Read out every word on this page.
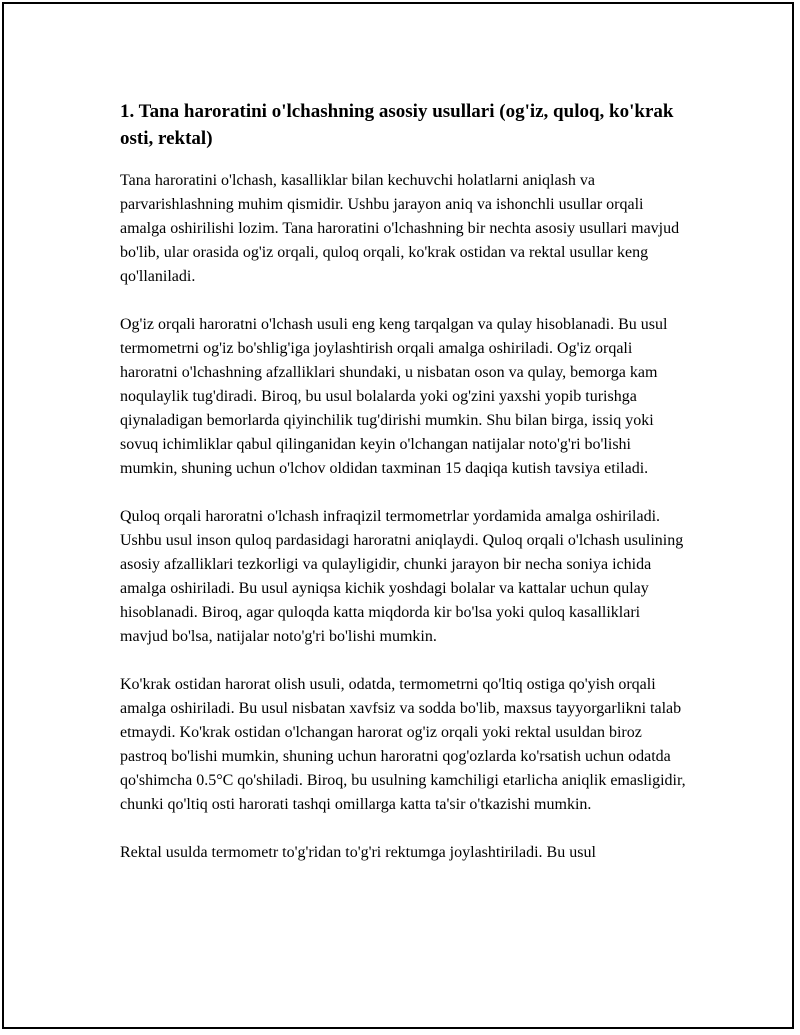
1. Tana haroratini o'lchashning asosiy usullari (og'iz, quloq, ko'krak osti, rektal)

Tana haroratini o'lchash, kasalliklar bilan kechuvchi holatlarni aniqlash va parvarishlashning muhim qismidir. Ushbu jarayon aniq va ishonchli usullar orqali amalga oshirilishi lozim. Tana haroratini o'lchashning bir nechta asosiy usullari mavjud bo'lib, ular orasida og'iz orqali, quloq orqali, ko'krak ostidan va rektal usullar keng qo'llaniladi.

Og'iz orqali haroratni o'lchash usuli eng keng tarqalgan va qulay hisoblanadi. Bu usul termometrni og'iz bo'shlig'iga joylashtirish orqali amalga oshiriladi. Og'iz orqali haroratni o'lchashning afzalliklari shundaki, u nisbatan oson va qulay, bemorga kam noqulaylik tug'diradi. Biroq, bu usul bolalarda yoki og'zini yaxshi yopib turishga qiynaladigan bemorlarda qiyinchilik tug'dirishi mumkin. Shu bilan birga, issiq yoki sovuq ichimliklar qabul qilinganidan keyin o'lchangan natijalar noto'g'ri bo'lishi mumkin, shuning uchun o'lchov oldidan taxminan 15 daqiqa kutish tavsiya etiladi.

Quloq orqali haroratni o'lchash infraqizil termometrlar yordamida amalga oshiriladi. Ushbu usul inson quloq pardasidagi haroratni aniqlaydi. Quloq orqali o'lchash usulining asosiy afzalliklari tezkorligi va qulayligidir, chunki jarayon bir necha soniya ichida amalga oshiriladi. Bu usul ayniqsa kichik yoshdagi bolalar va kattalar uchun qulay hisoblanadi. Biroq, agar quloqda katta miqdorda kir bo'lsa yoki quloq kasalliklari mavjud bo'lsa, natijalar noto'g'ri bo'lishi mumkin.

Ko'krak ostidan harorat olish usuli, odatda, termometrni qo'ltiq ostiga qo'yish orqali amalga oshiriladi. Bu usul nisbatan xavfsiz va sodda bo'lib, maxsus tayyorgarlikni talab etmaydi. Ko'krak ostidan o'lchangan harorat og'iz orqali yoki rektal usuldan biroz pastroq bo'lishi mumkin, shuning uchun haroratni qog'ozlarda ko'rsatish uchun odatda qo'shimcha 0.5°C qo'shiladi. Biroq, bu usulning kamchiligi etarlicha aniqlik emasligidir, chunki qo'ltiq osti harorati tashqi omillarga katta ta'sir o'tkazishi mumkin.

Rektal usulda termometr to'g'ridan to'g'ri rektumga joylashtiriladi. Bu usul
